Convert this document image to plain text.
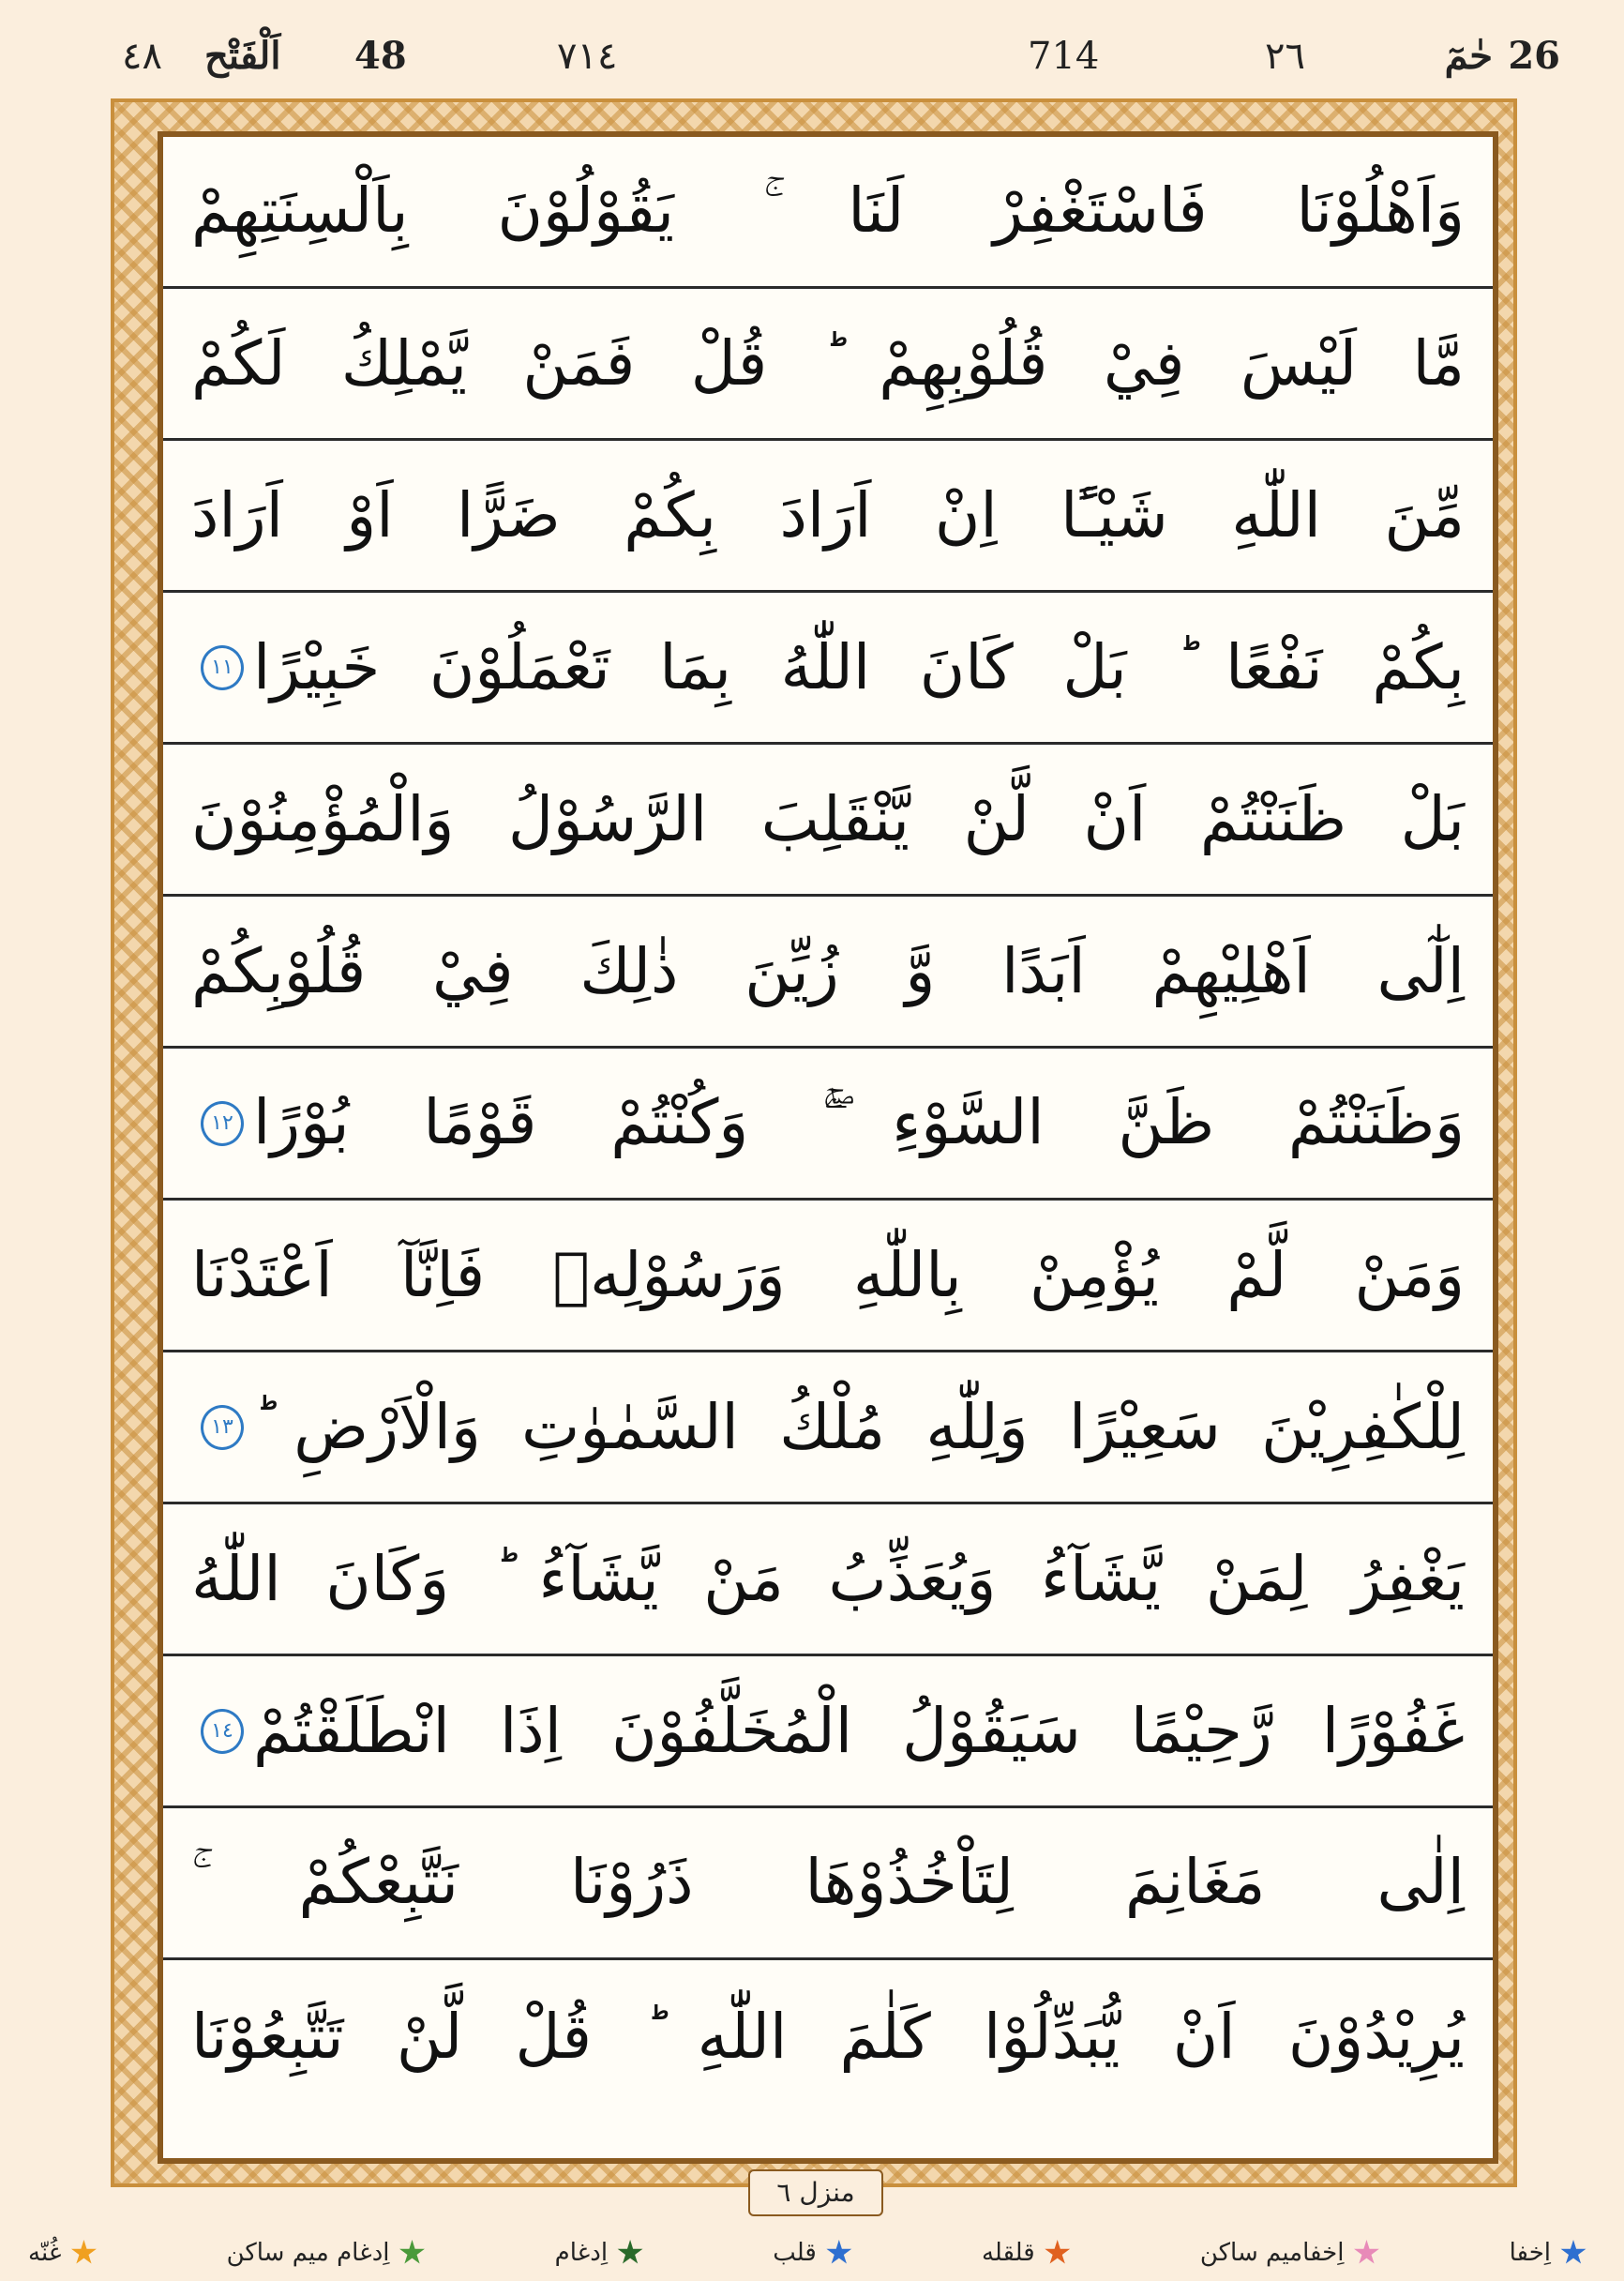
26
حٰمٓ
٢٦
714
٧١٤
48
اَلْفَتْح
٤٨
وَاَهْلُوْنَا فَاسْتَغْفِرْ لَنَا ۚ يَقُوْلُوْنَ بِاَلْسِنَتِهِمْ
مَّا لَيْسَ فِيْ قُلُوْبِهِمْ ؕ قُلْ فَمَنْ يَّمْلِكُ لَكُمْ
مِّنَ اللّٰهِ شَيْـًٔا اِنْ اَرَادَ بِكُمْ ضَرًّا اَوْ اَرَادَ
بِكُمْ نَفْعًا ؕ بَلْ كَانَ اللّٰهُ بِمَا تَعْمَلُوْنَ خَبِيْرًا
١١
بَلْ ظَنَنْتُمْ اَنْ لَّنْ يَّنْقَلِبَ الرَّسُوْلُ وَالْمُؤْمِنُوْنَ
اِلٰٓى اَهْلِيْهِمْ اَبَدًا وَّ زُيِّنَ ذٰلِكَ فِيْ قُلُوْبِكُمْ
وَظَنَنْتُمْ ظَنَّ السَّوْءِ ۖۚ وَكُنْتُمْ قَوْمًا بُوْرًا
١٢
وَمَنْ لَّمْ يُؤْمِنْ بِاللّٰهِ وَرَسُوْلِهٖ فَاِنَّآ اَعْتَدْنَا
لِلْكٰفِرِيْنَ سَعِيْرًا وَلِلّٰهِ مُلْكُ السَّمٰوٰتِ وَالْاَرْضِ ؕ
١٣
يَغْفِرُ لِمَنْ يَّشَآءُ وَيُعَذِّبُ مَنْ يَّشَآءُ ؕ وَكَانَ اللّٰهُ
غَفُوْرًا رَّحِيْمًا سَيَقُوْلُ الْمُخَلَّفُوْنَ اِذَا انْطَلَقْتُمْ
١٤
اِلٰى مَغَانِمَ لِتَاْخُذُوْهَا ذَرُوْنَا نَتَّبِعْكُمْ ۚ
يُرِيْدُوْنَ اَنْ يُّبَدِّلُوْا كَلٰمَ اللّٰهِ ؕ قُلْ لَّنْ تَتَّبِعُوْنَا
منزل ٦
اِخفا
اِخفامیم ساکن
قلقله
قلب
اِدغام
اِدغام میم ساکن
غُنّه
